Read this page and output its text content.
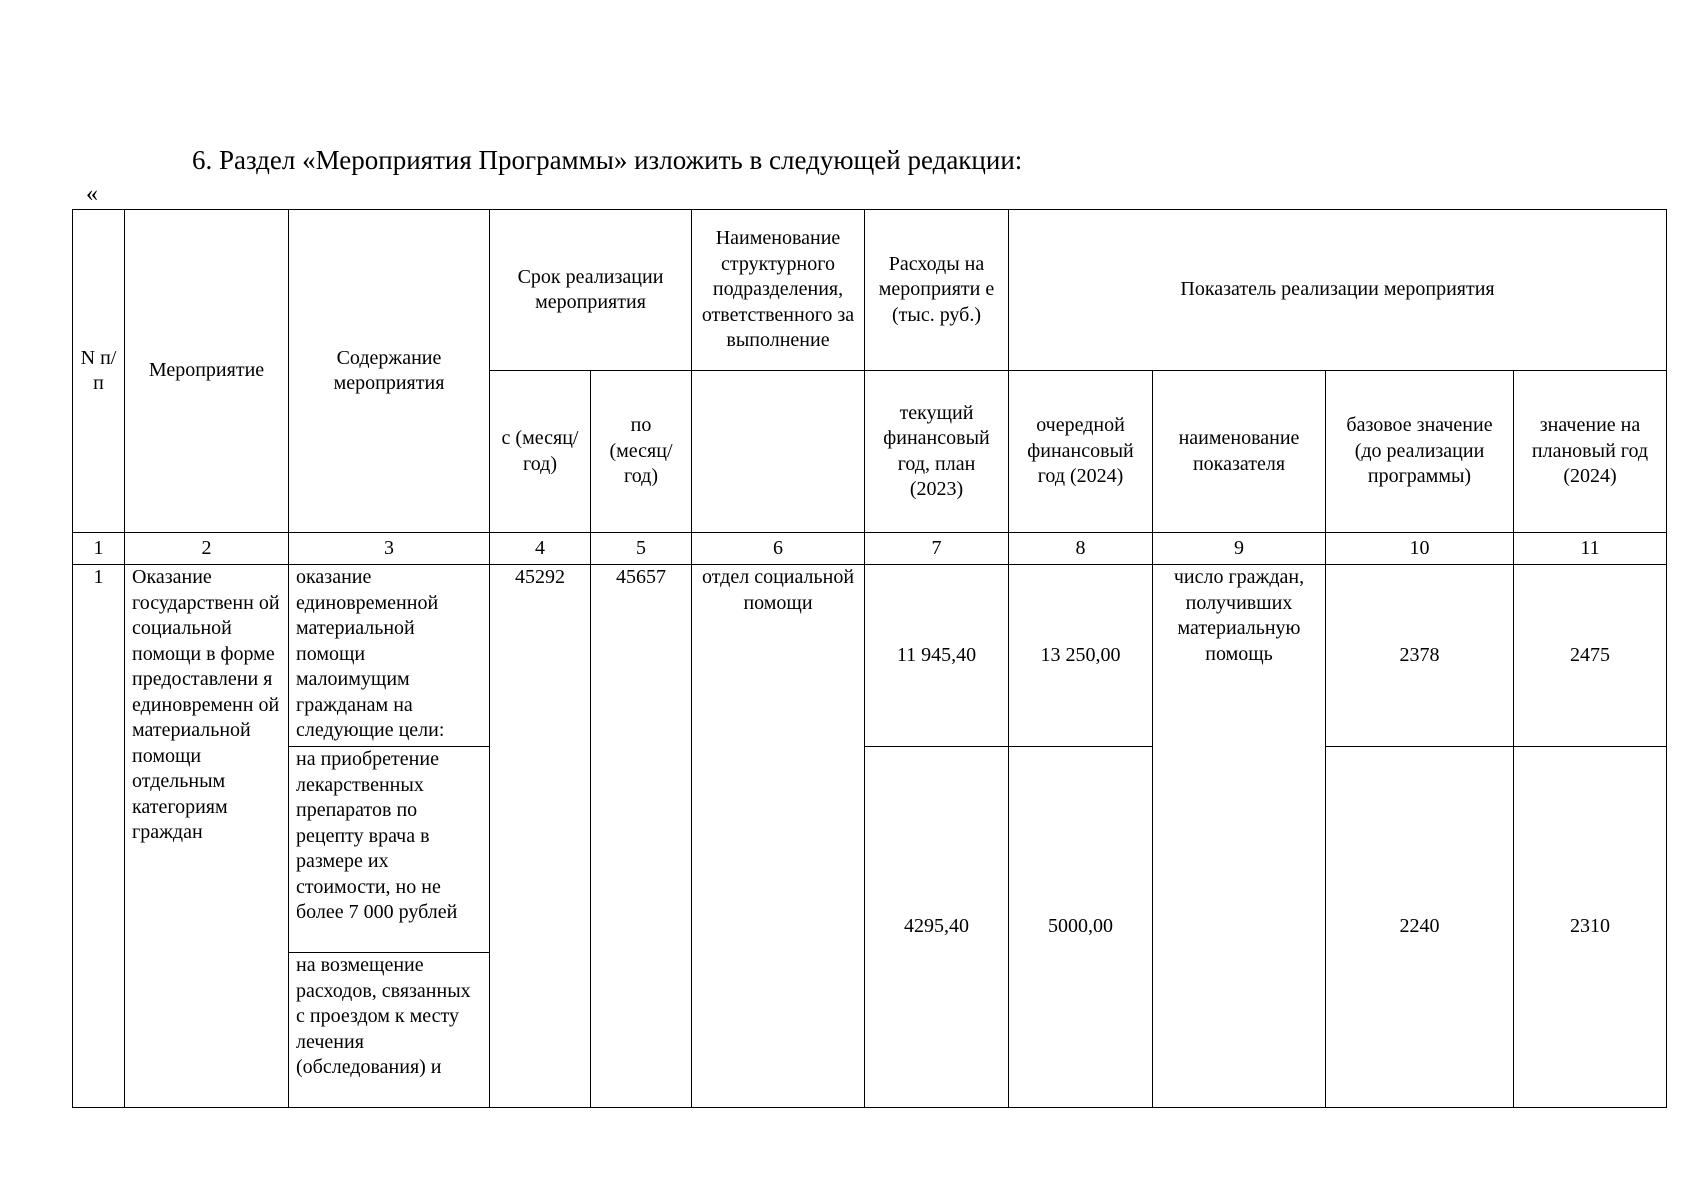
6. Раздел «Мероприятия Программы» изложить в следующей редакции:
«
N п/п	Мероприятие	Содержание мероприятия	Срок реализации мероприятия		Наименование структурного подразделения, ответственного за выполнение	Расходы на мероприяти е (тыс. руб.)	Показатель реализации мероприятия			
			с (месяц/ год)	по (месяц/ год)		текущий финансовый год, план (2023)	очередной финансовый год (2024)	наименование показателя	базовое значение (до реализации программы)	значение на плановый год (2024)
1	2	3	4	5	6	7	8	9	10	11
1	Оказание государственн ой социальной помощи в форме предоставлени я единовременн ой материальной помощи отдельным категориям граждан	оказание единовременной материальной помощи малоимущим гражданам на следующие цели:	45292	45657	отдел социальной помощи	11 945,40	13 250,00	число граждан, получивших материальную помощь	2378	2475
		на приобретение лекарственных препаратов по рецепту врача в размере их стоимости, но не более 7 000 рублей				4295,40	5000,00		2240	2310
		на возмещение расходов, связанных с проездом к месту лечения (обследования) и								
